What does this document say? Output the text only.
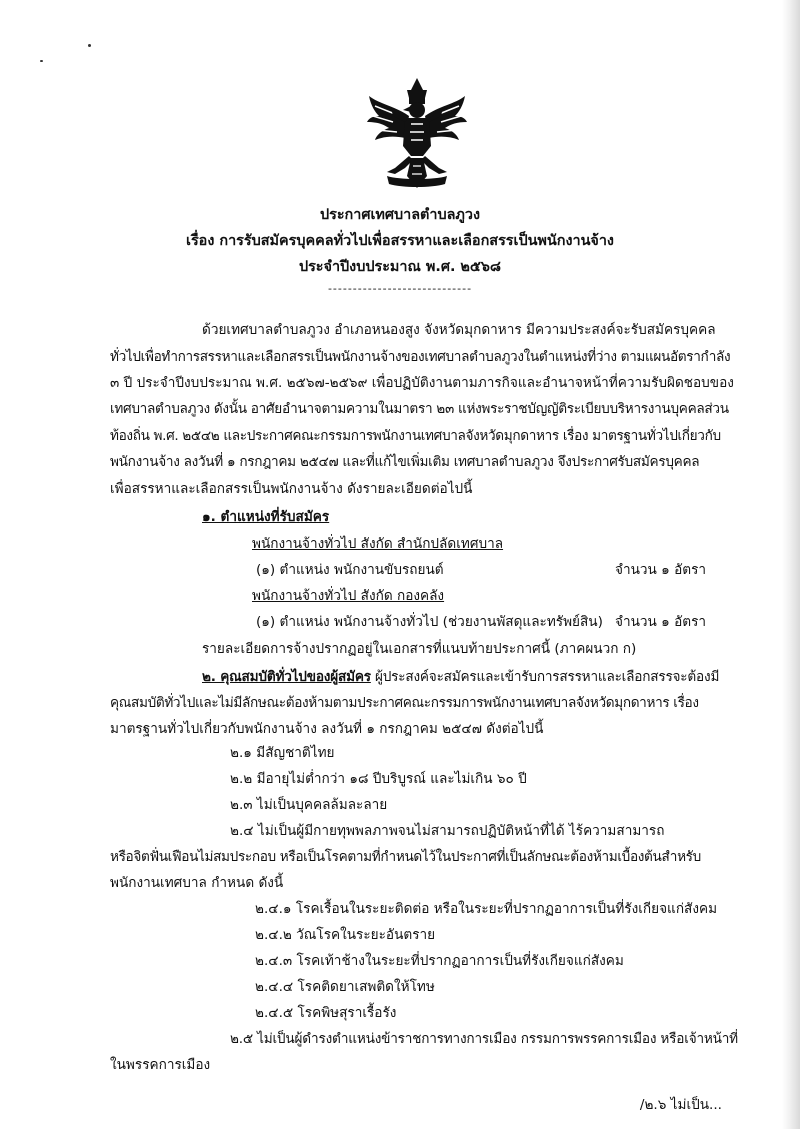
ประกาศเทศบาลตำบลภูวง
เรื่อง การรับสมัครบุคคลทั่วไปเพื่อสรรหาและเลือกสรรเป็นพนักงานจ้าง
ประจำปีงบประมาณ พ.ศ. ๒๕๖๘
-----------------------------
ด้วยเทศบาลตำบลภูวง อำเภอหนองสูง จังหวัดมุกดาหาร มีความประสงค์จะรับสมัครบุคคล
ทั่วไปเพื่อทำการสรรหาและเลือกสรรเป็นพนักงานจ้างของเทศบาลตำบลภูวงในตำแหน่งที่ว่าง ตามแผนอัตรากำลัง
๓ ปี ประจำปีงบประมาณ พ.ศ. ๒๕๖๗-๒๕๖๙ เพื่อปฏิบัติงานตามภารกิจและอำนาจหน้าที่ความรับผิดชอบของ
เทศบาลตำบลภูวง ดังนั้น อาศัยอำนาจตามความในมาตรา ๒๓ แห่งพระราชบัญญัติระเบียบบริหารงานบุคคลส่วน
ท้องถิ่น พ.ศ. ๒๕๔๒ และประกาศคณะกรรมการพนักงานเทศบาลจังหวัดมุกดาหาร เรื่อง มาตรฐานทั่วไปเกี่ยวกับ
พนักงานจ้าง ลงวันที่ ๑ กรกฎาคม ๒๕๔๗ และที่แก้ไขเพิ่มเติม เทศบาลตำบลภูวง จึงประกาศรับสมัครบุคคล
เพื่อสรรหาและเลือกสรรเป็นพนักงานจ้าง ดังรายละเอียดต่อไปนี้
๑. ตำแหน่งที่รับสมัคร
พนักงานจ้างทั่วไป สังกัด สำนักปลัดเทศบาล
(๑) ตำแหน่ง พนักงานขับรถยนต์	จำนวน ๑ อัตรา
พนักงานจ้างทั่วไป สังกัด กองคลัง
(๑) ตำแหน่ง พนักงานจ้างทั่วไป (ช่วยงานพัสดุและทรัพย์สิน) จำนวน ๑ อัตรา
รายละเอียดการจ้างปรากฏอยู่ในเอกสารที่แนบท้ายประกาศนี้ (ภาคผนวก ก)
๒. คุณสมบัติทั่วไปของผู้สมัคร ผู้ประสงค์จะสมัครและเข้ารับการสรรหาและเลือกสรรจะต้องมี
คุณสมบัติทั่วไปและไม่มีลักษณะต้องห้ามตามประกาศคณะกรรมการพนักงานเทศบาลจังหวัดมุกดาหาร เรื่อง
มาตรฐานทั่วไปเกี่ยวกับพนักงานจ้าง ลงวันที่ ๑ กรกฎาคม ๒๕๔๗ ดังต่อไปนี้
๒.๑ มีสัญชาติไทย
๒.๒ มีอายุไม่ต่ำกว่า ๑๘ ปีบริบูรณ์ และไม่เกิน ๖๐ ปี
๒.๓ ไม่เป็นบุคคลล้มละลาย
๒.๔ ไม่เป็นผู้มีกายทุพพลภาพจนไม่สามารถปฏิบัติหน้าที่ได้ ไร้ความสามารถ
หรือจิตฟั่นเฟือนไม่สมประกอบ หรือเป็นโรคตามที่กำหนดไว้ในประกาศที่เป็นลักษณะต้องห้ามเบื้องต้นสำหรับ
พนักงานเทศบาล กำหนด ดังนี้
๒.๔.๑ โรคเรื้อนในระยะติดต่อ หรือในระยะที่ปรากฏอาการเป็นที่รังเกียจแก่สังคม
๒.๔.๒ วัณโรคในระยะอันตราย
๒.๔.๓ โรคเท้าช้างในระยะที่ปรากฏอาการเป็นที่รังเกียจแก่สังคม
๒.๔.๔ โรคติดยาเสพติดให้โทษ
๒.๔.๕ โรคพิษสุราเรื้อรัง
๒.๕ ไม่เป็นผู้ดำรงตำแหน่งข้าราชการทางการเมือง กรรมการพรรคการเมือง หรือเจ้าหน้าที่
ในพรรคการเมือง
/๒.๖ ไม่เป็น...
